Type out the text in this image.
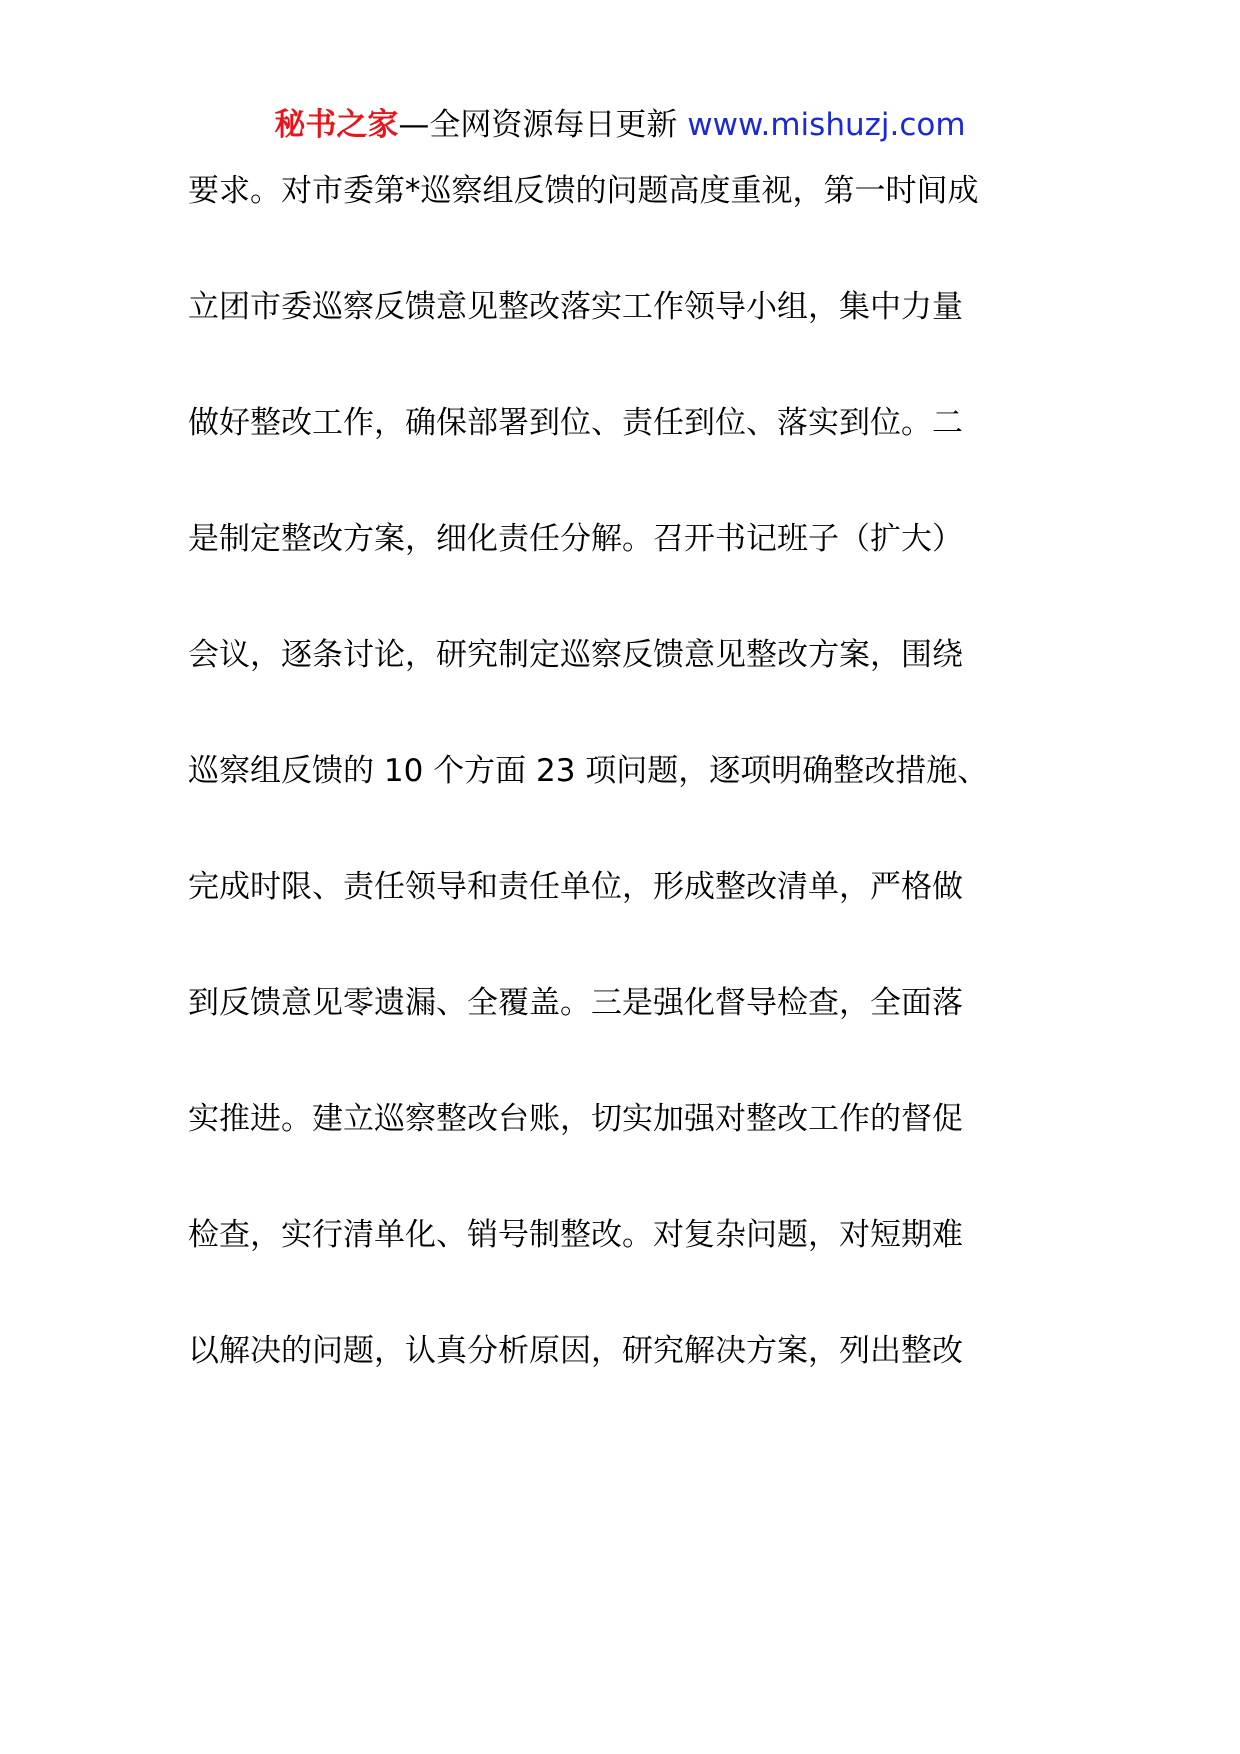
秘书之家—全网资源每日更新 www.mishuzj.com
要求。对市委第*巡察组反馈的问题高度重视，第一时间成
立团市委巡察反馈意见整改落实工作领导小组，集中力量
做好整改工作，确保部署到位、责任到位、落实到位。二
是制定整改方案，细化责任分解。召开书记班子（扩大）
会议，逐条讨论，研究制定巡察反馈意见整改方案，围绕
巡察组反馈的 10 个方面 23 项问题，逐项明确整改措施、
完成时限、责任领导和责任单位，形成整改清单，严格做
到反馈意见零遗漏、全覆盖。三是强化督导检查，全面落
实推进。建立巡察整改台账，切实加强对整改工作的督促
检查，实行清单化、销号制整改。对复杂问题，对短期难
以解决的问题，认真分析原因，研究解决方案，列出整改
